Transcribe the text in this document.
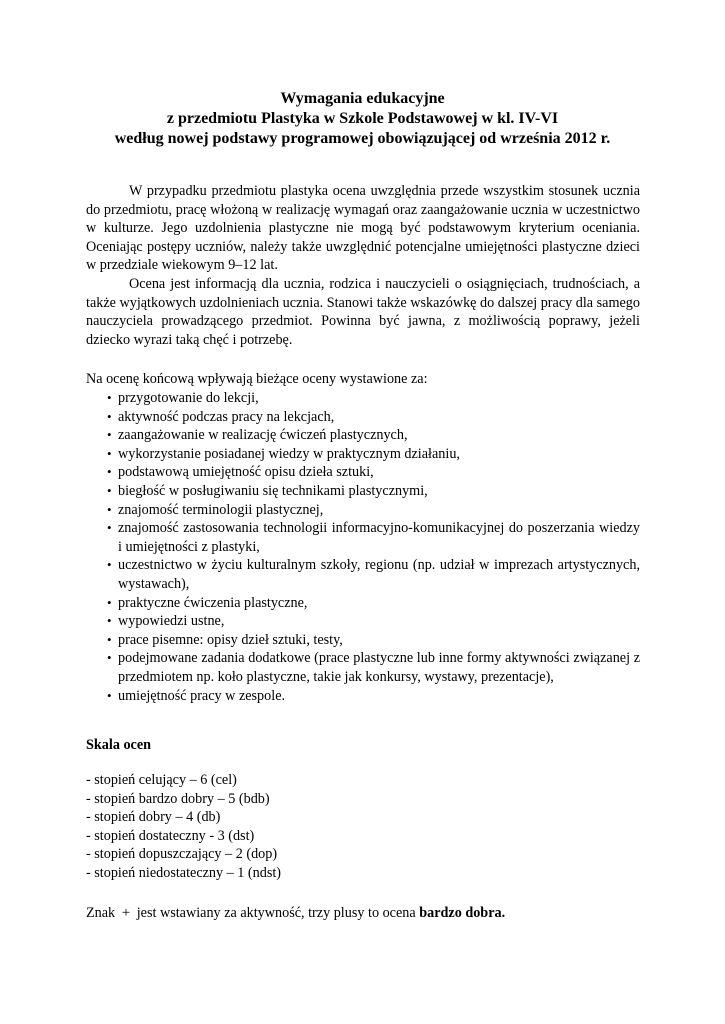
Wymagania edukacyjne
z przedmiotu Plastyka w Szkole Podstawowej w kl. IV-VI
według nowej podstawy programowej obowiązującej od września 2012 r.

W przypadku przedmiotu plastyka ocena uwzględnia przede wszystkim stosunek ucznia do przedmiotu, pracę włożoną w realizację wymagań oraz zaangażowanie ucznia w uczestnictwo w kulturze. Jego uzdolnienia plastyczne nie mogą być podstawowym kryterium oceniania. Oceniając postępy uczniów, należy także uwzględnić potencjalne umiejętności plastyczne dzieci w przedziale wiekowym 9–12 lat.

Ocena jest informacją dla ucznia, rodzica i nauczycieli o osiągnięciach, trudnościach, a także wyjątkowych uzdolnieniach ucznia. Stanowi także wskazówkę do dalszej pracy dla samego nauczyciela prowadzącego przedmiot. Powinna być jawna, z możliwością poprawy, jeżeli dziecko wyrazi taką chęć i potrzebę.

Na ocenę końcową wpływają bieżące oceny wystawione za:

• przygotowanie do lekcji,
• aktywność podczas pracy na lekcjach,
• zaangażowanie w realizację ćwiczeń plastycznych,
• wykorzystanie posiadanej wiedzy w praktycznym działaniu,
• podstawową umiejętność opisu dzieła sztuki,
• biegłość w posługiwaniu się technikami plastycznymi,
• znajomość terminologii plastycznej,
• znajomość zastosowania technologii informacyjno-komunikacyjnej do poszerzania wiedzy i umiejętności z plastyki,
• uczestnictwo w życiu kulturalnym szkoły, regionu (np. udział w imprezach artystycznych, wystawach),
• praktyczne ćwiczenia plastyczne,
• wypowiedzi ustne,
• prace pisemne: opisy dzieł sztuki, testy,
• podejmowane zadania dodatkowe (prace plastyczne lub inne formy aktywności związanej z przedmiotem np. koło plastyczne, takie jak konkursy, wystawy, prezentacje),
• umiejętność pracy w zespole.

Skala ocen

- stopień celujący – 6 (cel)
- stopień bardzo dobry – 5 (bdb)
- stopień dobry – 4 (db)
- stopień dostateczny - 3 (dst)
- stopień dopuszczający – 2 (dop)
- stopień niedostateczny – 1 (ndst)

Znak + jest wstawiany za aktywność, trzy plusy to ocena bardzo dobra.
